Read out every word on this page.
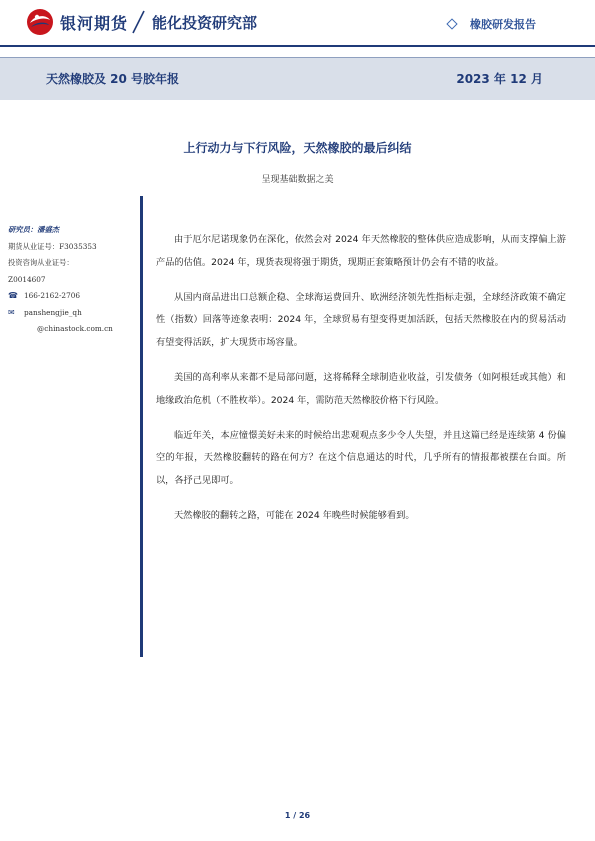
银河期货 能化投资研究部	橡胶研发报告
天然橡胶及 20 号胶年报	2023 年 12 月
上行动力与下行风险，天然橡胶的最后纠结
呈现基础数据之美
研究员：潘盛杰
期货从业证号：F3035353
投资咨询从业证号：
Z0014607
☎ 166-2162-2706
✉	panshengjie_qh
@chinastock.com.cn

由于厄尔尼诺现象仍在深化，依然会对 2024 年天然橡胶的整体供应造成影响，从而支撑偏上游产品的估值。2024 年，现货表现将强于期货，现期正套策略预计仍会有不错的收益。

从国内商品进出口总额企稳、全球海运费回升、欧洲经济领先性指标走强，全球经济政策不确定性（指数）回落等迹象表明：2024 年，全球贸易有望变得更加活跃，包括天然橡胶在内的贸易活动有望变得活跃，扩大现货市场容量。

美国的高利率从来都不是局部问题，这将稀释全球制造业收益，引发债务（如阿根廷或其他）和地缘政治危机（不胜枚举）。2024 年，需防范天然橡胶价格下行风险。

临近年关，本应憧憬美好未来的时候给出悲观观点多少令人失望，并且这篇已经是连续第 4 份偏空的年报，天然橡胶翻转的路在何方？在这个信息通达的时代，几乎所有的情报都被摆在台面。所以，各抒己见即可。

天然橡胶的翻转之路，可能在 2024 年晚些时候能够看到。

1 / 26
